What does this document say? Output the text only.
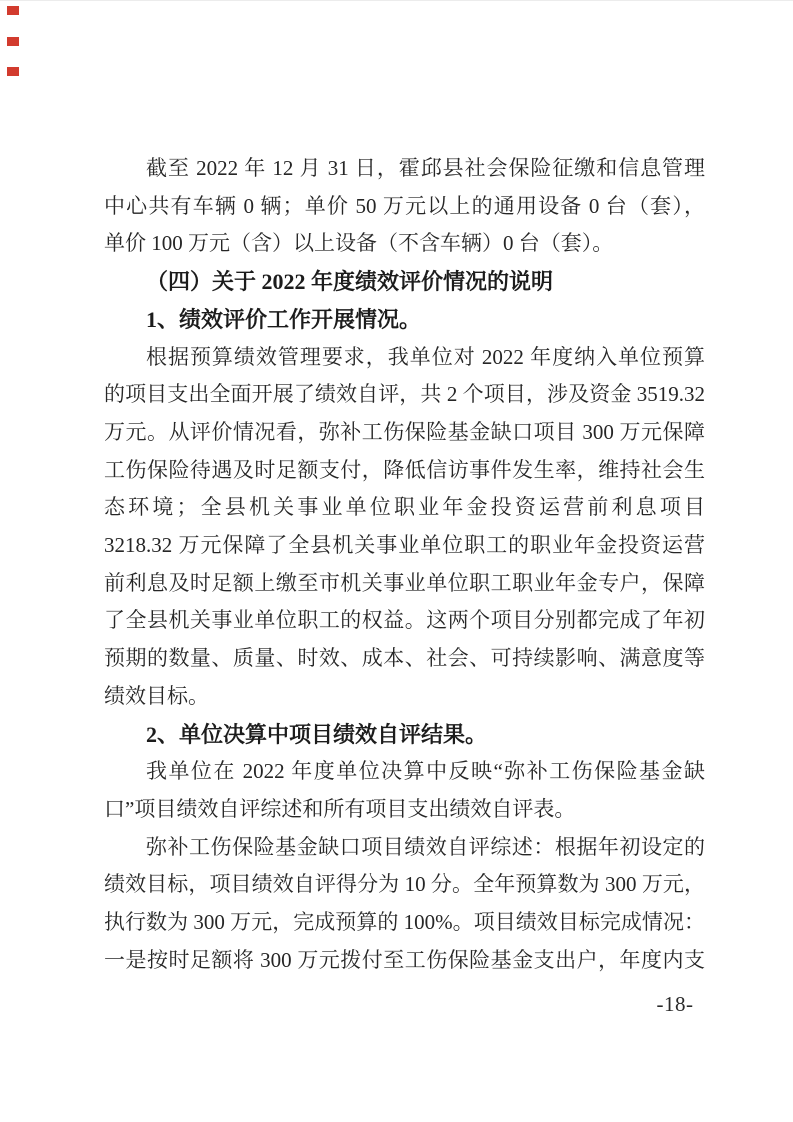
截至 2022 年 12 月 31 日，霍邱县社会保险征缴和信息管理
中心共有车辆 0 辆；单价 50 万元以上的通用设备 0 台（套），
单价 100 万元（含）以上设备（不含车辆）0 台（套）。
（四）关于 2022 年度绩效评价情况的说明
1、绩效评价工作开展情况。
根据预算绩效管理要求，我单位对 2022 年度纳入单位预算
的项目支出全面开展了绩效自评，共 2 个项目，涉及资金 3519.32
万元。从评价情况看，弥补工伤保险基金缺口项目 300 万元保障
工伤保险待遇及时足额支付，降低信访事件发生率，维持社会生
态环境；全县机关事业单位职业年金投资运营前利息项目
3218.32 万元保障了全县机关事业单位职工的职业年金投资运营
前利息及时足额上缴至市机关事业单位职工职业年金专户，保障
了全县机关事业单位职工的权益。这两个项目分别都完成了年初
预期的数量、质量、时效、成本、社会、可持续影响、满意度等
绩效目标。
2、单位决算中项目绩效自评结果。
我单位在 2022 年度单位决算中反映“弥补工伤保险基金缺
口”项目绩效自评综述和所有项目支出绩效自评表。
弥补工伤保险基金缺口项目绩效自评综述：根据年初设定的
绩效目标，项目绩效自评得分为 10 分。全年预算数为 300 万元，
执行数为 300 万元，完成预算的 100%。项目绩效目标完成情况：
一是按时足额将 300 万元拨付至工伤保险基金支出户，年度内支
-18-
